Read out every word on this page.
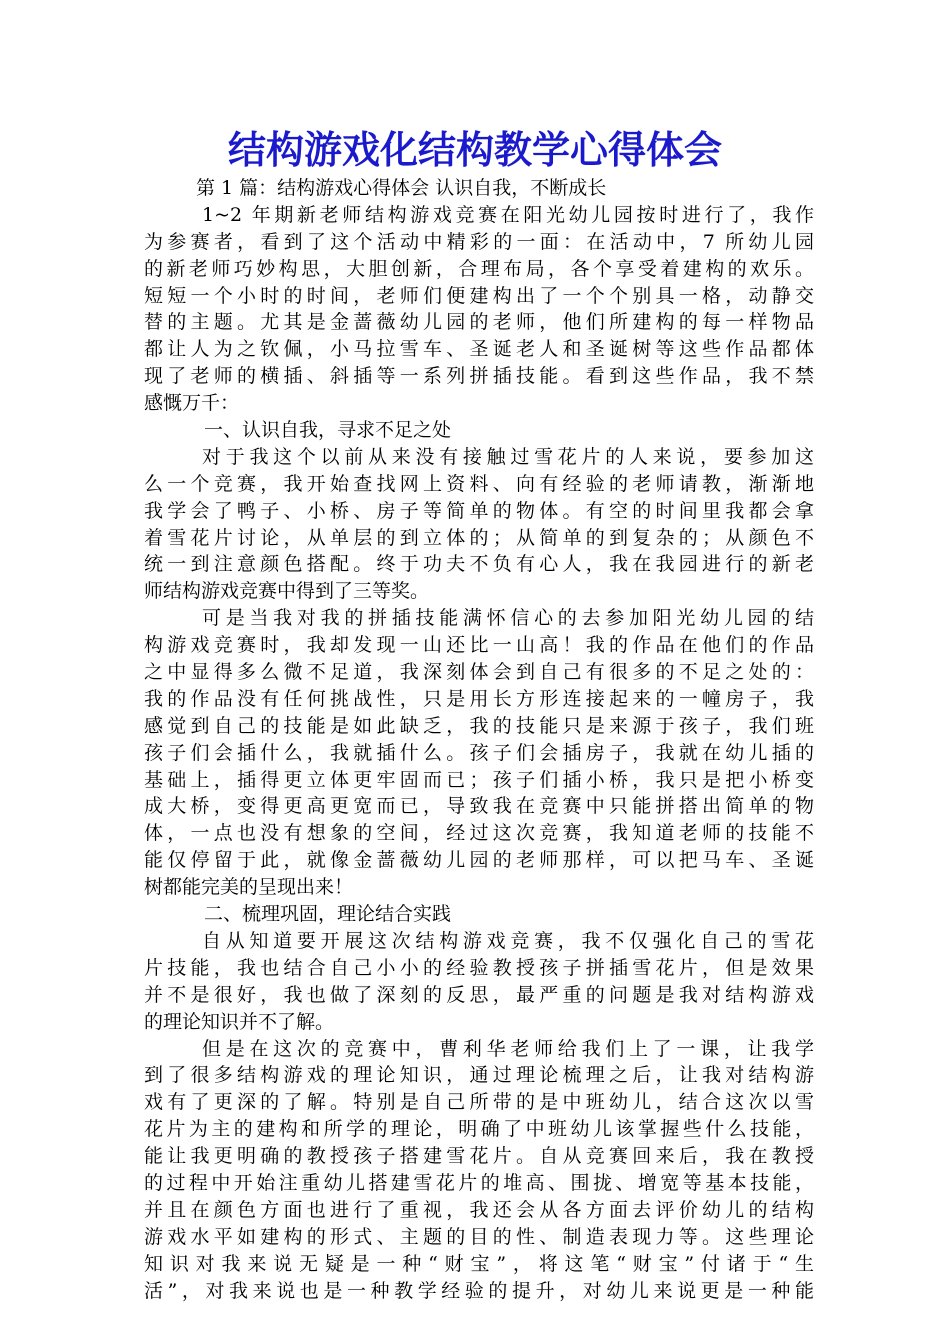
结构游戏化结构教学心得体会
第 1 篇：结构游戏心得体会 认识自我，不断成长
1~2 年期新老师结构游戏竞赛在阳光幼儿园按时进行了，我作
为参赛者，看到了这个活动中精彩的一面：在活动中，7 所幼儿园
的新老师巧妙构思，大胆创新，合理布局，各个享受着建构的欢乐。
短短一个小时的时间，老师们便建构出了一个个别具一格，动静交
替的主题。尤其是金蔷薇幼儿园的老师，他们所建构的每一样物品
都让人为之钦佩，小马拉雪车、圣诞老人和圣诞树等这些作品都体
现了老师的横插、斜插等一系列拼插技能。看到这些作品，我不禁
感慨万千：
一、认识自我，寻求不足之处
对于我这个以前从来没有接触过雪花片的人来说，要参加这
么一个竞赛，我开始查找网上资料、向有经验的老师请教，渐渐地
我学会了鸭子、小桥、房子等简单的物体。有空的时间里我都会拿
着雪花片讨论，从单层的到立体的；从简单的到复杂的；从颜色不
统一到注意颜色搭配。终于功夫不负有心人，我在我园进行的新老
师结构游戏竞赛中得到了三等奖。
可是当我对我的拼插技能满怀信心的去参加阳光幼儿园的结
构游戏竞赛时，我却发现一山还比一山高！我的作品在他们的作品
之中显得多么微不足道，我深刻体会到自己有很多的不足之处的：
我的作品没有任何挑战性，只是用长方形连接起来的一幢房子，我
感觉到自己的技能是如此缺乏，我的技能只是来源于孩子，我们班
孩子们会插什么，我就插什么。孩子们会插房子，我就在幼儿插的
基础上，插得更立体更牢固而已；孩子们插小桥，我只是把小桥变
成大桥，变得更高更宽而已，导致我在竞赛中只能拼搭出简单的物
体，一点也没有想象的空间，经过这次竞赛，我知道老师的技能不
能仅停留于此，就像金蔷薇幼儿园的老师那样，可以把马车、圣诞
树都能完美的呈现出来！
二、梳理巩固，理论结合实践
自从知道要开展这次结构游戏竞赛，我不仅强化自己的雪花
片技能，我也结合自己小小的经验教授孩子拼插雪花片，但是效果
并不是很好，我也做了深刻的反思，最严重的问题是我对结构游戏
的理论知识并不了解。
但是在这次的竞赛中，曹利华老师给我们上了一课，让我学
到了很多结构游戏的理论知识，通过理论梳理之后，让我对结构游
戏有了更深的了解。特别是自己所带的是中班幼儿，结合这次以雪
花片为主的建构和所学的理论，明确了中班幼儿该掌握些什么技能，
能让我更明确的教授孩子搭建雪花片。自从竞赛回来后，我在教授
的过程中开始注重幼儿搭建雪花片的堆高、围拢、增宽等基本技能，
并且在颜色方面也进行了重视，我还会从各方面去评价幼儿的结构
游戏水平如建构的形式、主题的目的性、制造表现力等。这些理论
知识对我来说无疑是一种“财宝”，将这笔“财宝”付诸于“生
活”，对我来说也是一种教学经验的提升，对幼儿来说更是一种能
